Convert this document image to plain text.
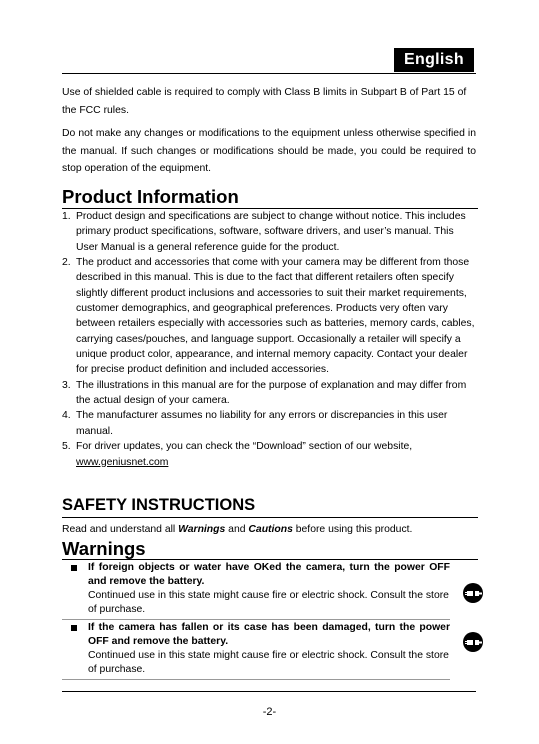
English

Use of shielded cable is required to comply with Class B limits in Subpart B of Part 15 of the FCC rules.

Do not make any changes or modifications to the equipment unless otherwise specified in the manual. If such changes or modifications should be made, you could be required to stop operation of the equipment.

Product Information
1. Product design and specifications are subject to change without notice. This includes primary product specifications, software, software drivers, and user’s manual. This User Manual is a general reference guide for the product.
2. The product and accessories that come with your camera may be different from those described in this manual. This is due to the fact that different retailers often specify slightly different product inclusions and accessories to suit their market requirements, customer demographics, and geographical preferences. Products very often vary between retailers especially with accessories such as batteries, memory cards, cables, carrying cases/pouches, and language support. Occasionally a retailer will specify a unique product color, appearance, and internal memory capacity. Contact your dealer for precise product definition and included accessories.
3. The illustrations in this manual are for the purpose of explanation and may differ from the actual design of your camera.
4. The manufacturer assumes no liability for any errors or discrepancies in this user manual.
5. For driver updates, you can check the “Download” section of our website,
www.geniusnet.com
SAFETY INSTRUCTIONS

Read and understand all Warnings and Cautions before using this product.

Warnings
If foreign objects or water have OKed the camera, turn the power OFF and remove the battery.
Continued use in this state might cause fire or electric shock. Consult the store of purchase.
If the camera has fallen or its case has been damaged, turn the power OFF and remove the battery.
Continued use in this state might cause fire or electric shock. Consult the store of purchase.
-2-
